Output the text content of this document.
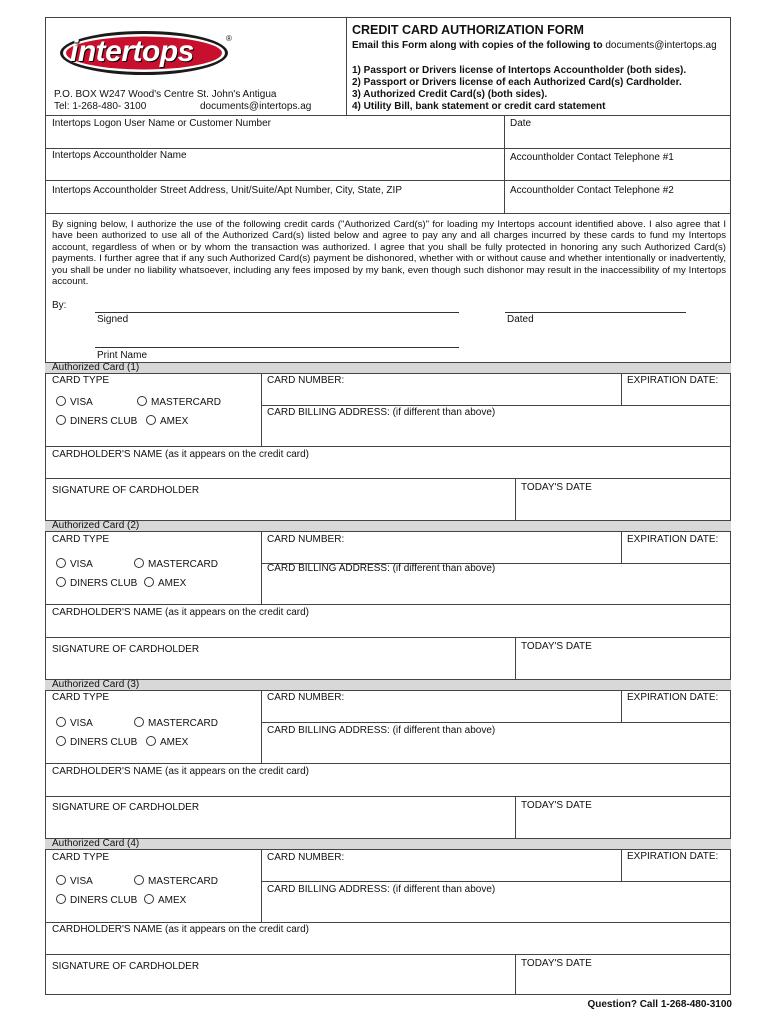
intertops	®
P.O. BOX W247 Wood's Centre St. John's Antigua
Tel: 1-268-480- 3100	documents@intertops.ag
CREDIT CARD AUTHORIZATION FORM
Email this Form along with copies of the following to documents@intertops.ag
1) Passport or Drivers license of Intertops Accountholder (both sides).
2) Passport or Drivers license of each Authorized Card(s) Cardholder.
3) Authorized Credit Card(s) (both sides).
4) Utility Bill, bank statement or credit card statement
Intertops Logon User Name or Customer Number	Date
Intertops Accountholder Name	Accountholder Contact Telephone #1
Intertops Accountholder Street Address, Unit/Suite/Apt Number, City, State, ZIP	Accountholder Contact Telephone #2
By signing below, I authorize the use of the following credit cards ("Authorized Card(s)" for loading my Intertops account identified above. I also agree that I have been authorized to use all of the Authorized Card(s) listed below and agree to pay any and all charges incurred by these cards to fund my Intertops account, regardless of when or by whom the transaction was authorized. I agree that you shall be fully protected in honoring any such Authorized Card(s) payments. I further agree that if any such Authorized Card(s) payment be dishonored, whether with or without cause and whether intentionally or inadvertently, you shall be under no liability whatsoever, including any fees imposed by my bank, even though such dishonor may result in the inaccessibility of my Intertops account.
By:
Signed	Dated
Print Name
Authorized Card (1)
CARD TYPE	CARD NUMBER:	EXPIRATION DATE:
CARD BILLING ADDRESS: (if different than above)
VISA	MASTERCARD
DINERS CLUB	AMEX
CARDHOLDER'S NAME (as it appears on the credit card)
SIGNATURE OF CARDHOLDER	TODAY'S DATE
Authorized Card (2)
CARD TYPE	CARD NUMBER:	EXPIRATION DATE:
CARD BILLING ADDRESS: (if different than above)
VISA	MASTERCARD
DINERS CLUB	AMEX
CARDHOLDER'S NAME (as it appears on the credit card)
SIGNATURE OF CARDHOLDER	TODAY'S DATE
Authorized Card (3)
CARD TYPE	CARD NUMBER:	EXPIRATION DATE:
CARD BILLING ADDRESS: (if different than above)
VISA	MASTERCARD
DINERS CLUB	AMEX
CARDHOLDER'S NAME (as it appears on the credit card)
SIGNATURE OF CARDHOLDER	TODAY'S DATE
Authorized Card (4)
CARD TYPE	CARD NUMBER:	EXPIRATION DATE:
CARD BILLING ADDRESS: (if different than above)
VISA	MASTERCARD
DINERS CLUB	AMEX
CARDHOLDER'S NAME (as it appears on the credit card)
SIGNATURE OF CARDHOLDER	TODAY'S DATE
Question? Call 1-268-480-3100
